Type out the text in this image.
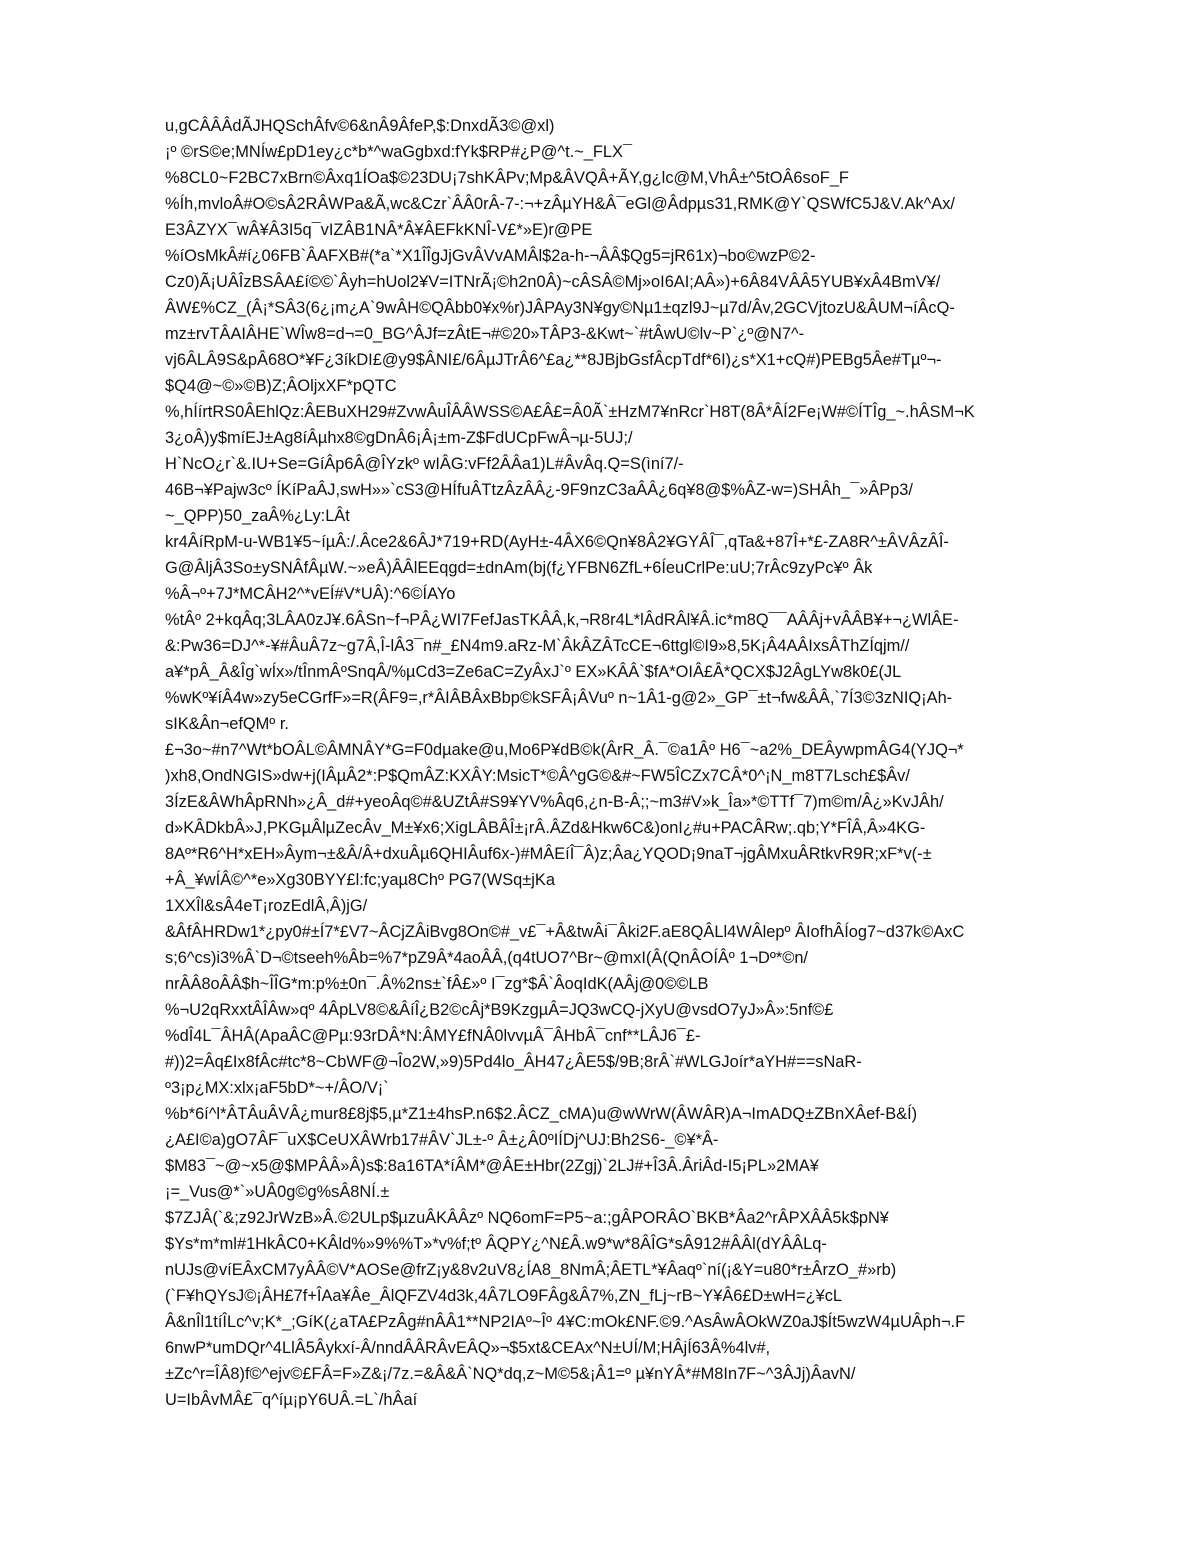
u,gCÂÂÂdÃJHQSchÂfv©6&nÂ9ÂfeP,$:DnxdÃ3©@xl)
¡º ©rS©e;MNÍw£pD1ey¿c*b*^waGgbxd:fYk$RP#¿P@^t.~_FLX¯
%8CL0~F2BC7xBrn©Âxq1ÍOa$©23DU¡7shKÂPv;Mp&ÂVQÂ+ÃY,g¿lc@M,VhÂ±^5tOÂ6soF_F
%Íh,mvloÂ#O©sÂ2RÂWPa&Ã,wc&Czr`ÂÂ0rÂ-7-:¬+zÂµYH&Â¯eGl@Âdpµs31,RMK@Y`QSWfC5J&V.Ak^Ax/
E3ÂZYX¯wÂ¥Â3I5q¯vIZÂB1NÂ*Â¥ÂEFkKNÎ-V£*»E)r@PE
%íOsMkÂ#í¿06FB`ÂAFXB#(*a`*X1ÎÎgJjGvÂVvAMÂl$2a-h-¬ÂÂ$Qg5=jR61x)¬bo©wzP©2-
Cz0)Ã¡UÂÎzBSÂA£í©©`Âyh=hUol2¥V=ITNrÃ¡©h2n0Â)~cÂSÂ©Mj»oI6AI;AÂ»)+6Â84VÂÂ5YUB¥xÂ4BmV¥/
ÂW£%CZ_(Â¡*SÂ3(6¿¡m¿A`9wÂH©QÂbb0¥x%r)JÂPAy3N¥gy©Nµ1±qzl9J~µ7d/Âv,2GCVjtozU&ÂUM¬íÂcQ-
mz±rvTÂAIÂHE`WÎw8=d¬=0_BG^ÂJf=zÂtE¬#©20»TÂP3-&Kwt~`#tÂwU©lv~P`¿º@N7^-
vj6ÂLÂ9S&pÂ68O*¥F¿3íkDI£@y9$ÂNI£/6ÂµJTrÂ6^£a¿**8JBjbGsfÂcpTdf*6I)¿s*X1+cQ#)PEBg5Âe#Tµº¬-
$Q4@~©»©B)Z;ÂOljxXF*pQTC
%,hÍírtRS0ÂEhlQz:ÂEBuXH29#ZvwÂuÎÂÂWSS©A£Â£=Â0Ã`±HzM7¥nRcr`H8T(8Â*ÂÍ2Fe¡W#©ÍTÎg_~.hÂSM¬K
3¿oÂ)y$míEJ±Ag8íÂµhx8©gDnÂ6¡Â¡±m-Z$FdUCpFwÂ¬µ-5UJ;/
H`NcO¿r`&.IU+Se=GíÂp6Â@ÎYzkº wIÂG:vFf2ÂÂa1)L#ÂvÂq.Q=S(ìní7/-
46B¬¥Pajw3cº ÍKíPaÂJ,swH»»`cS3@HÍfuÂTtzÂzÂÂ¿-9F9nzC3aÂÂ¿6q¥8@$%ÂZ-w=)SHÂh_¯»ÂPp3/
~_QPP)50_zaÂ%¿Ly:LÂt
kr4ÂíRpM-u-WB1¥5~íµÂ:/.Âce2&6ÂJ*719+RD(AyH±-4ÂX6©Qn¥8Â2¥GYÂÎ¯,qTa&+87Î+*£-ZA8R^±ÂVÂzÂÎ-
G@ÂljÂ3So±ySNÂfÂµW.~»eÂ)ÂÂlEEqgd=±dnAm(bj(f¿YFBN6ZfL+6ÍeuCrlPe:uU;7rÂc9zyPc¥º Âk
%Â¬º+7J*MCÂH2^*vEÍ#V*UÂ):^6©ÍAYo
%tÂº 2+kqÂq;3LÂA0zJ¥.6ÂSn~f¬PÂ¿WI7FefJasTKÂÂ,k,¬R8r4L*lÂdRÂl¥Â.ic*m8Q¯¯AÂÂj+vÂÂB¥+¬¿WlÂE-
&:Pw36=DJ^*-¥#ÂuÂ7z~g7Â,Î-lÂ3¯n#_£N4m9.aRz-M`ÂkÂZÂTcCE¬6ttgl©I9»8,5K¡Â4AÂIxsÂThZÍqjm//
a¥*pÂ_Â&Îg`wÍx»/tÎnmÂºSnqÂ/%µCd3=Ze6aC=ZyÂxJ`º EX»KÂÂ`$fA*OIÂ£Â*QCX$J2ÂgLYw8k0£(JL
%wKº¥íÂ4w»zy5eCGrfF»=R(ÂF9=,r*ÂIÂBÂxBbp©kSFÂ¡ÂVuº n~1Â1-g@2»_GP¯±t¬fw&ÂÂ,`7Í3©3zNIQ¡Ah-
sIK&Ân¬efQMº r.
£¬3o~#n7^Wt*bOÂL©ÂMNÂY*G=F0dµake@u,Mo6P¥dB©k(ÂrR_Â.¯©a1Âº H6¯~a2%_DEÂywpmÂG4(YJQ¬*
)xh8,OndNGIS»dw+j(IÂµÂ2*:P$QmÂZ:KXÂY:MsicT*©Â^gG©&#~FW5ÎCZx7CÂ*0^¡N_m8T7Lsch£$Âv/
3ÍzE&ÂWhÂpRNh»¿Â_d#+yeoÂq©#&UZtÂ#S9¥YV%Âq6,¿n-B-Â;;~m3#V»k_Îa»*©TTf¯7)m©m/Â¿»KvJÂh/
d»KÂDkbÂ»J,PKGµÂlµZecÂv_M±¥x6;XigLÂBÂÎ±¡rÂ.ÂZd&Hkw6C&)onI¿#u+PACÂRw;.qb;Y*FÎÂ,Â»4KG-
8Aº*R6^H*xEH»Âym¬±&Â/Â+dxuÂµ6QHIÂuf6x-)#MÂEíÎ¯Â)z;Âa¿YQOD¡9naT¬jgÂMxuÂRtkvR9R;xF*v(-±
+Â_¥wÍÂ©^*e»Xg30BYY£l:fc;yaµ8Chº PG7(WSq±jKa
1XXÎl&sÂ4eT¡rozEdlÂ,Â)jG/
&ÂfÂHRDw1*¿py0#±Í7*£V7~ÂCjZÂiBvg8On©#_v£¯+Â&twÂi¯Âki2F.aE8QÂLl4WÂlepº ÂIofhÂÍog7~d37k©AxC
s;6^cs)i3%Â`D¬©tseeh%Âb=%7*pZ9Â*4aoÂÂ,(q4tUO7^Br~@mxI(Â(QnÂOÍÂº 1¬Dº*©n/
nrÂÂ8oÂÂ$h~ÎÎG*m:p%±0n¯.Â%2ns±`fÂ£»º I¯zg*$Â`ÂoqIdK(AÂj@0©©LB
%¬U2qRxxtÂÎÂw»qº 4ÂpLV8©&ÂíÎ¿B2©cÂj*B9KzgµÂ=JQ3wCQ-jXyU@vsdO7yJ»Â»:5nf©£
%dÎ4L¯ÂHÂ(ApaÂC@Pµ:93rDÂ*N:ÂMY£fNÂ0lvvµÂ¯ÂHbÂ¯cnf**LÂJ6¯£-
#))2=Âq£Ix8fÂc#tc*8~CbWF@¬Îo2W,»9)5Pd4lo_ÂH47¿ÂE5$/9B;8rÂ`#WLGJoír*aYH#==sNaR-
º3¡p¿MX:xlx¡aF5bD*~+/ÂO/V¡`
%b*6í^l*ÂTÂuÂVÂ¿mur8£8j$5,µ*Z1±4hsP.n6$2.ÂCZ_cMA)u@wWrW(ÂWÂR)A¬ImADQ±ZBnXÂef-B&Í)
¿A£I©a)gO7ÂF¯uX$CeUXÂWrb17#ÂV`JL±-º Â±¿Â0ºIÍDj^UJ:Bh2S6-_©¥*Â-
$M83¯~@~x5@$MPÂÂ»Â)s$:8a16TA*íÂM*@ÂE±Hbr(2Zgj)`2LJ#+Î3Â.ÂriÂd-I5¡PL»2MA¥
¡=_Vus@*`»UÂ0g©g%sÂ8NÍ.±
$7ZJÂ(`&;z92JrWzB»Â.©2ULp$µzuÂKÂÂzº NQ6omF=P5~a:;gÂPORÂO`BKB*Âa2^rÂPXÂÂ5k$pN¥
$Ys*m*ml#1HkÂC0+KÂld%»9%%T»*v%f;tº ÂQPY¿^N£Â.w9*w*8ÂÎG*sÂ912#ÂÂl(dYÂÂLq-
nUJs@víEÂxCM7yÂÂ©V*AOSe@frZ¡y&8v2uV8¿ÍA8_8NmÂ;ÂETL*¥Âaqº`ní(¡&Y=u80*r±ÂrzO_#»rb)
(`F¥hQYsJ©¡ÂH£7f+ÎAa¥Âe_ÂlQFZV4d3k,4Â7LO9FÂg&Â7%,ZN_fLj~rB~Y¥Â6£D±wH=¿¥cL
Â&nÎl1tíÎLc^v;K*_;GíK(¿aTA£PzÂg#nÂÂ1**NP2IAº~Îº 4¥C:mOk£NF.©9.^AsÂwÂOkWZ0aJ$Ít5wzW4µUÂph¬.F
6nwP*umDQr^4LlÂ5Âykxí-Â/nndÂÂRÂvEÂQ»¬$5xt&CEAx^N±UÍ/M;HÂjÍ63Â%4lv#,
±Zc^r=ÎÂ8)f©^ejv©£FÂ=F»Z&¡/7z.=&Â&Â`NQ*dq,z~M©5&¡Â1=º µ¥nYÂ*#M8In7F~^3ÂJj)ÂavN/
U=IbÂvMÂ£¯q^íµ¡pY6UÂ.=L`/hÂaí
